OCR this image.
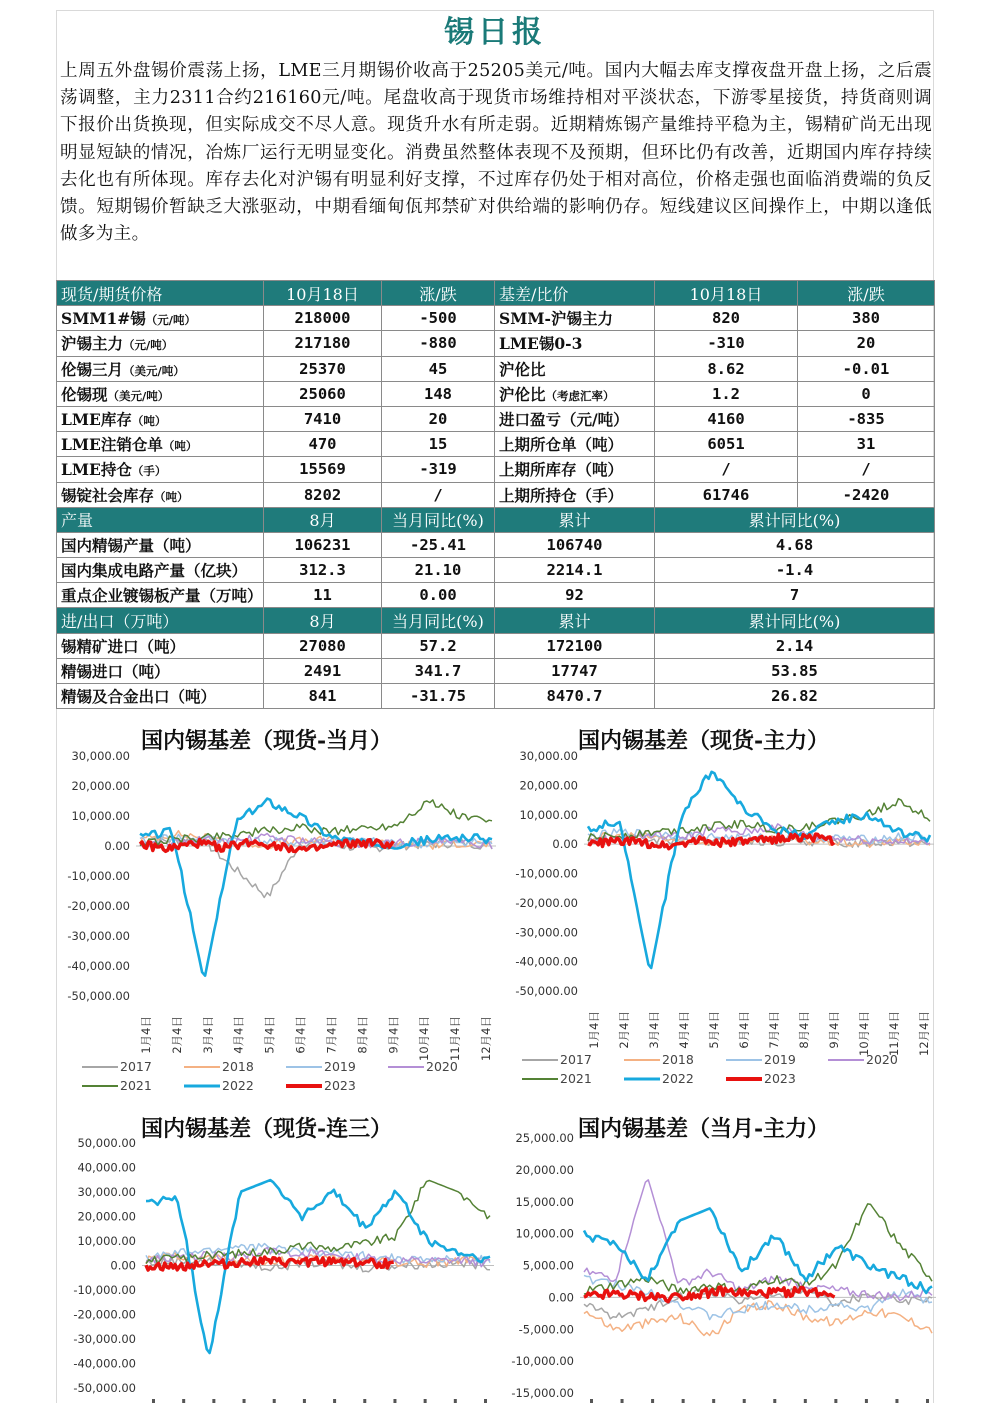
锡日报
上周五外盘锡价震荡上扬，LME三月期锡价收高于25205美元/吨。国内大幅去库支撑夜盘开盘上扬，之后震荡调整，主力2311合约216160元/吨。尾盘收高于现货市场维持相对平淡状态，下游零星接货，持货商则调下报价出货换现，但实际成交不尽人意。现货升水有所走弱。近期精炼锡产量维持平稳为主，锡精矿尚无出现明显短缺的情况，冶炼厂运行无明显变化。消费虽然整体表现不及预期，但环比仍有改善，近期国内库存持续去化也有所体现。库存去化对沪锡有明显利好支撑，不过库存仍处于相对高位，价格走强也面临消费端的负反馈。短期锡价暂缺乏大涨驱动，中期看缅甸佤邦禁矿对供给端的影响仍存。短线建议区间操作上，中期以逢低做多为主。
现货/期货价格	10月18日	涨/跌	基差/比价	10月18日	涨/跌
SMM1#锡（元/吨）	218000	-500	SMM-沪锡主力	820	380
沪锡主力（元/吨）	217180	-880	LME锡0-3	-310	20
伦锡三月（美元/吨）	25370	45	沪伦比	8.62	-0.01
伦锡现（美元/吨）	25060	148	沪伦比（考虑汇率）	1.2	0
LME库存（吨）	7410	20	进口盈亏（元/吨）	4160	-835
LME注销仓单（吨）	470	15	上期所仓单（吨）	6051	31
LME持仓（手）	15569	-319	上期所库存（吨）	/	/
锡锭社会库存（吨）	8202	/	上期所持仓（手）	61746	-2420
产量	8月	当月同比(%)	累计	累计同比(%)	
国内精锡产量（吨）	106231	-25.41	106740	4.68	
国内集成电路产量（亿块）	312.3	21.10	2214.1	-1.4	
重点企业镀锡板产量（万吨）	11	0.00	92	7	
进/出口（万吨）	8月	当月同比(%)	累计	累计同比(%)	
锡精矿进口（吨）	27080	57.2	172100	2.14	
精锡进口（吨）	2491	341.7	17747	53.85	
精锡及合金出口（吨）	841	-31.75	8470.7	26.82	
国内锡基差（现货-当月）
30,000.00
20,000.00
10,000.00
0.00
-10,000.00
-20,000.00
-30,000.00
-40,000.00
-50,000.00
1月4日 2月4日 3月4日 4月4日 5月4日 6月4日 7月4日 8月4日 9月4日 10月4日 11月4日 12月4日
2017	2018	2019	2020
2021	2022	2023
国内锡基差（现货-主力）
30,000.00
20,000.00
10,000.00
0.00
-10,000.00
-20,000.00
-30,000.00
-40,000.00
-50,000.00
1月4日 2月4日 3月4日 4月4日 5月4日 6月4日 7月4日 8月4日 9月4日 10月4日 11月4日 12月4日
2017	2018	2019	2020
2021	2022	2023
国内锡基差（现货-连三）
50,000.00
40,000.00
30,000.00
20,000.00
10,000.00
0.00
-10,000.00
-20,000.00
-30,000.00
-40,000.00
-50,000.00
国内锡基差（当月-主力）
25,000.00
20,000.00
15,000.00
10,000.00
5,000.00
0.00
-5,000.00
-10,000.00
-15,000.00
